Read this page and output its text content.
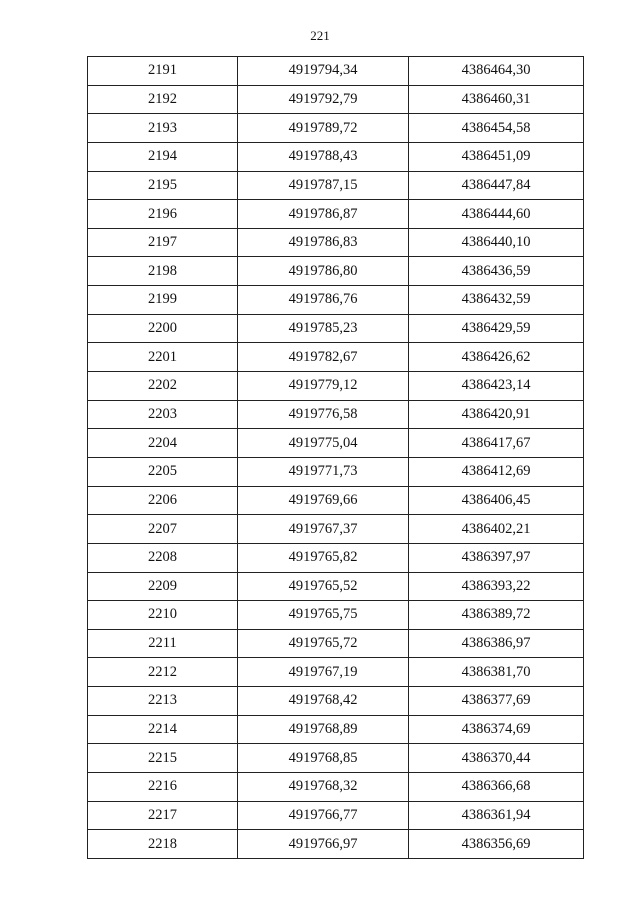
221
2191	4919794,34	4386464,30
2192	4919792,79	4386460,31
2193	4919789,72	4386454,58
2194	4919788,43	4386451,09
2195	4919787,15	4386447,84
2196	4919786,87	4386444,60
2197	4919786,83	4386440,10
2198	4919786,80	4386436,59
2199	4919786,76	4386432,59
2200	4919785,23	4386429,59
2201	4919782,67	4386426,62
2202	4919779,12	4386423,14
2203	4919776,58	4386420,91
2204	4919775,04	4386417,67
2205	4919771,73	4386412,69
2206	4919769,66	4386406,45
2207	4919767,37	4386402,21
2208	4919765,82	4386397,97
2209	4919765,52	4386393,22
2210	4919765,75	4386389,72
2211	4919765,72	4386386,97
2212	4919767,19	4386381,70
2213	4919768,42	4386377,69
2214	4919768,89	4386374,69
2215	4919768,85	4386370,44
2216	4919768,32	4386366,68
2217	4919766,77	4386361,94
2218	4919766,97	4386356,69
